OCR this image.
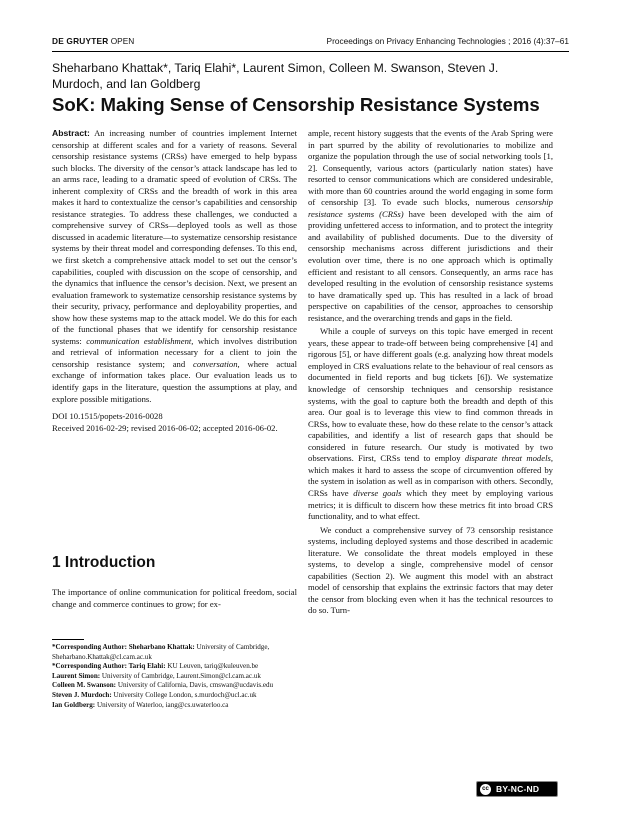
DE GRUYTER OPEN	Proceedings on Privacy Enhancing Technologies ; 2016 (4):37–61
Sheharbano Khattak*, Tariq Elahi*, Laurent Simon, Colleen M. Swanson, Steven J. Murdoch, and Ian Goldberg
SoK: Making Sense of Censorship Resistance Systems

Abstract: An increasing number of countries implement Internet censorship at different scales and for a variety of reasons. Several censorship resistance systems (CRSs) have emerged to help bypass such blocks. The diversity of the censor’s attack landscape has led to an arms race, leading to a dramatic speed of evolution of CRSs. The inherent complexity of CRSs and the breadth of work in this area makes it hard to contextualize the censor’s capabilities and censorship resistance strategies. To address these challenges, we conducted a comprehensive survey of CRSs—deployed tools as well as those discussed in academic literature—to systematize censorship resistance systems by their threat model and corresponding defenses. To this end, we first sketch a comprehensive attack model to set out the censor’s capabilities, coupled with discussion on the scope of censorship, and the dynamics that influence the censor’s decision. Next, we present an evaluation framework to systematize censorship resistance systems by their security, privacy, performance and deployability properties, and show how these systems map to the attack model. We do this for each of the functional phases that we identify for censorship resistance systems: communication establishment, which involves distribution and retrieval of information necessary for a client to join the censorship resistance system; and conversation, where actual exchange of information takes place. Our evaluation leads us to identify gaps in the literature, question the assumptions at play, and explore possible mitigations.

DOI 10.1515/popets-2016-0028

Received 2016-02-29; revised 2016-06-02; accepted 2016-06-02.

1 Introduction
The importance of online communication for political freedom, social change and commerce continues to grow; for ex-
*Corresponding Author: Sheharbano Khattak: University of Cambridge, Sheharbano.Khattak@cl.cam.ac.uk
*Corresponding Author: Tariq Elahi: KU Leuven, tariq@kuleuven.be
Laurent Simon: University of Cambridge, Laurent.Simon@cl.cam.ac.uk
Colleen M. Swanson: University of California, Davis, cmswan@ucdavis.edu
Steven J. Murdoch: University College London, s.murdoch@ucl.ac.uk
Ian Goldberg: University of Waterloo, iang@cs.uwaterloo.ca

ample, recent history suggests that the events of the Arab Spring were in part spurred by the ability of revolutionaries to mobilize and organize the population through the use of social networking tools [1, 2]. Consequently, various actors (particularly nation states) have resorted to censor communications which are considered undesirable, with more than 60 countries around the world engaging in some form of censorship [3]. To evade such blocks, numerous censorship resistance systems (CRSs) have been developed with the aim of providing unfettered access to information, and to protect the integrity and availability of published documents. Due to the diversity of censorship mechanisms across different jurisdictions and their evolution over time, there is no one approach which is optimally efficient and resistant to all censors. Consequently, an arms race has developed resulting in the evolution of censorship resistance systems to have dramatically sped up. This has resulted in a lack of broad perspective on capabilities of the censor, approaches to censorship resistance, and the overarching trends and gaps in the field.

While a couple of surveys on this topic have emerged in recent years, these appear to trade-off between being comprehensive [4] and rigorous [5], or have different goals (e.g. analyzing how threat models employed in CRS evaluations relate to the behaviour of real censors as documented in field reports and bug tickets [6]). We systematize knowledge of censorship techniques and censorship resistance systems, with the goal to capture both the breadth and depth of this area. Our goal is to leverage this view to find common threads in CRSs, how to evaluate these, how do these relate to the censor’s attack capabilities, and identify a list of research gaps that should be considered in future research. Our study is motivated by two observations. First, CRSs tend to employ disparate threat models, which makes it hard to assess the scope of circumvention offered by the system in isolation as well as in comparison with others. Secondly, CRSs have diverse goals which they meet by employing various metrics; it is difficult to discern how these metrics fit into broad CRS functionality, and to what effect.

We conduct a comprehensive survey of 73 censorship resistance systems, including deployed systems and those described in academic literature. We consolidate the threat models employed in these systems, to develop a single, comprehensive model of censor capabilities (Section 2). We augment this model with an abstract model of censorship that explains the extrinsic factors that may deter the censor from blocking even when it has the technical resources to do so. Turn-

cc BY-NC-ND
